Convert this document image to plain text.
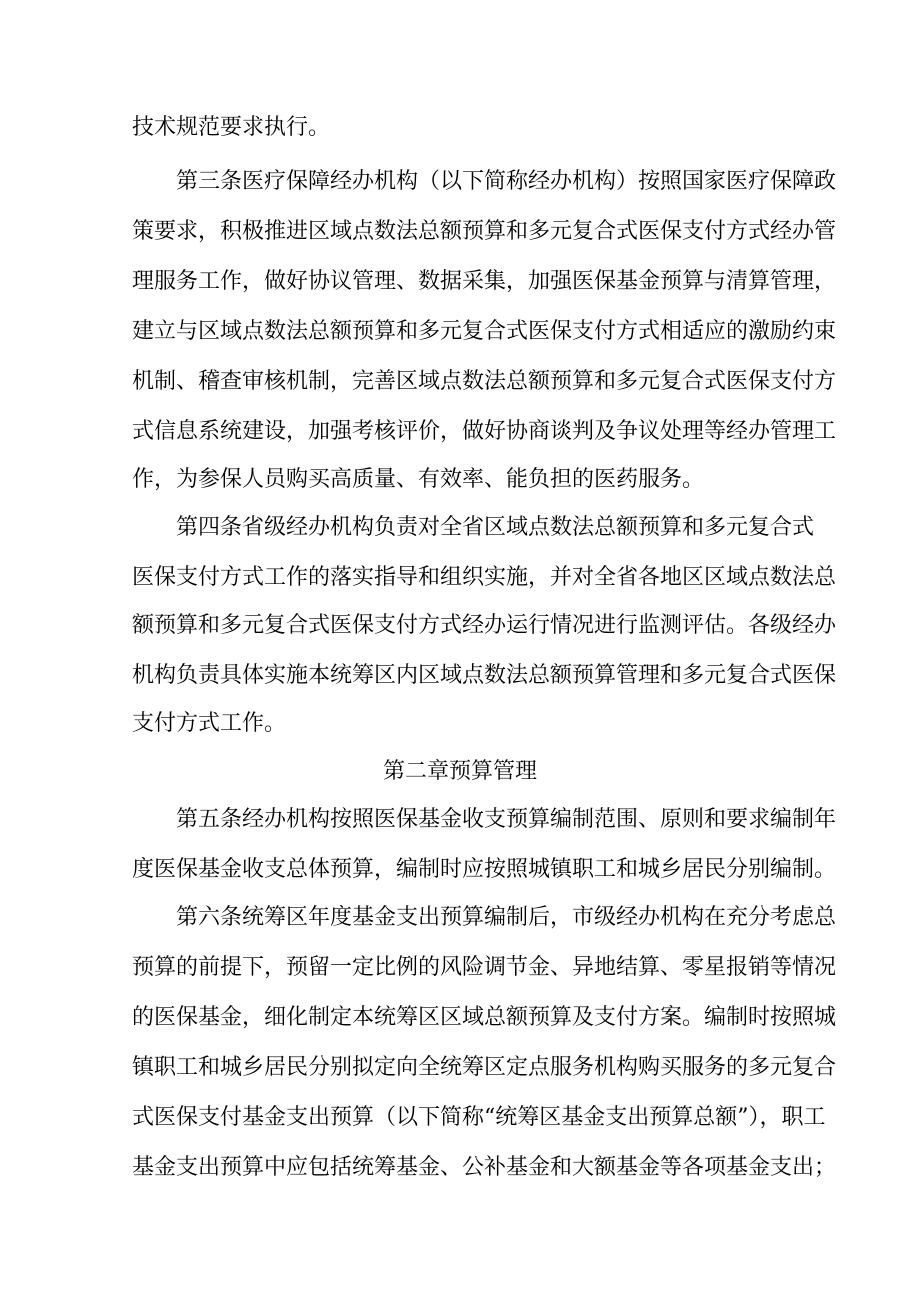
技术规范要求执行。
第三条医疗保障经办机构（以下简称经办机构）按照国家医疗保障政
策要求，积极推进区域点数法总额预算和多元复合式医保支付方式经办管
理服务工作，做好协议管理、数据采集，加强医保基金预算与清算管理，
建立与区域点数法总额预算和多元复合式医保支付方式相适应的激励约束
机制、稽查审核机制，完善区域点数法总额预算和多元复合式医保支付方
式信息系统建设，加强考核评价，做好协商谈判及争议处理等经办管理工
作，为参保人员购买高质量、有效率、能负担的医药服务。
第四条省级经办机构负责对全省区域点数法总额预算和多元复合式
医保支付方式工作的落实指导和组织实施，并对全省各地区区域点数法总
额预算和多元复合式医保支付方式经办运行情况进行监测评估。各级经办
机构负责具体实施本统筹区内区域点数法总额预算管理和多元复合式医保
支付方式工作。
第二章预算管理
第五条经办机构按照医保基金收支预算编制范围、原则和要求编制年
度医保基金收支总体预算，编制时应按照城镇职工和城乡居民分别编制。
第六条统筹区年度基金支出预算编制后，市级经办机构在充分考虑总
预算的前提下，预留一定比例的风险调节金、异地结算、零星报销等情况
的医保基金，细化制定本统筹区区域总额预算及支付方案。编制时按照城
镇职工和城乡居民分别拟定向全统筹区定点服务机构购买服务的多元复合
式医保支付基金支出预算（以下简称“统筹区基金支出预算总额”），职工
基金支出预算中应包括统筹基金、公补基金和大额基金等各项基金支出；
